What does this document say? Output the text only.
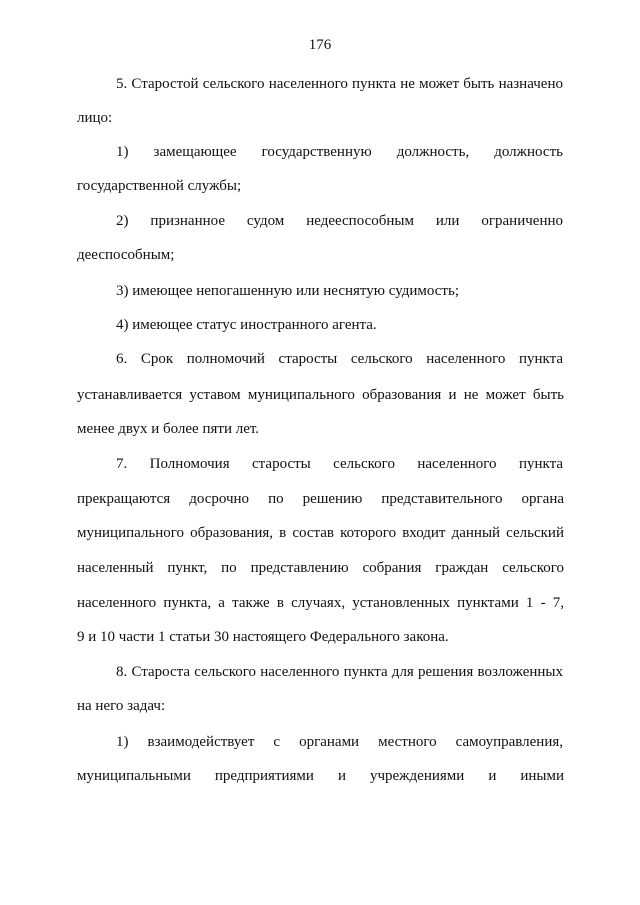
176
5. Старостой сельского населенного пункта не может быть назначено
лицо:
1) замещающее государственную должность, должность
государственной службы;
2) признанное судом недееспособным или ограниченно
дееспособным;
3) имеющее непогашенную или неснятую судимость;
4) имеющее статус иностранного агента.
6. Срок полномочий старосты сельского населенного пункта
устанавливается уставом муниципального образования и не может быть
менее двух и более пяти лет.
7. Полномочия старосты сельского населенного пункта
прекращаются досрочно по решению представительного органа
муниципального образования, в состав которого входит данный сельский
населенный пункт, по представлению собрания граждан сельского
населенного пункта, а также в случаях, установленных пунктами 1 - 7,
9 и 10 части 1 статьи 30 настоящего Федерального закона.
8. Староста сельского населенного пункта для решения возложенных
на него задач:
1) взаимодействует с органами местного самоуправления,
муниципальными предприятиями и учреждениями и иными
